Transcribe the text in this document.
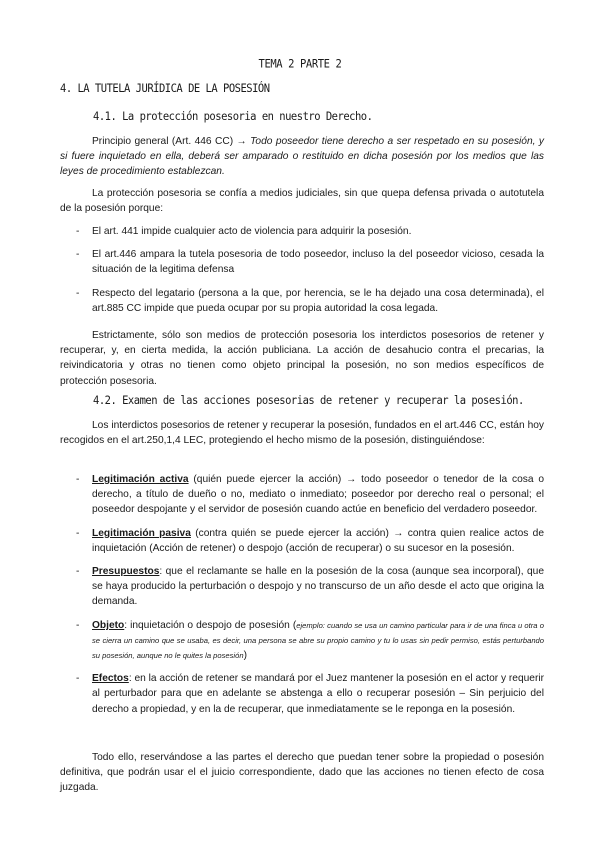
TEMA 2 PARTE 2
4. LA TUTELA JURÍDICA DE LA POSESIÓN
4.1. La protección posesoria en nuestro Derecho.

Principio general (Art. 446 CC) → Todo poseedor tiene derecho a ser respetado en su posesión, y si fuere inquietado en ella, deberá ser amparado o restituido en dicha posesión por los medios que las leyes de procedimiento establezcan.

La protección posesoria se confía a medios judiciales, sin que quepa defensa privada o autotutela de la posesión porque:

- El art. 441 impide cualquier acto de violencia para adquirir la posesión.
- El art.446 ampara la tutela posesoria de todo poseedor, incluso la del poseedor vicioso, cesada la situación de la legitima defensa
- Respecto del legatario (persona a la que, por herencia, se le ha dejado una cosa determinada), el art.885 CC impide que pueda ocupar por su propia autoridad la cosa legada.

Estrictamente, sólo son medios de protección posesoria los interdictos posesorios de retener y recuperar, y, en cierta medida, la acción publiciana. La acción de desahucio contra el precarias, la reivindicatoria y otras no tienen como objeto principal la posesión, no son medios específicos de protección posesoria.

4.2. Examen de las acciones posesorias de retener y recuperar la posesión.

Los interdictos posesorios de retener y recuperar la posesión, fundados en el art.446 CC, están hoy recogidos en el art.250,1,4 LEC, protegiendo el hecho mismo de la posesión, distinguiéndose:

- Legitimación activa (quién puede ejercer la acción) → todo poseedor o tenedor de la cosa o derecho, a título de dueño o no, mediato o inmediato; poseedor por derecho real o personal; el poseedor despojante y el servidor de posesión cuando actúe en beneficio del verdadero poseedor.
- Legitimación pasiva (contra quién se puede ejercer la acción) → contra quien realice actos de inquietación (Acción de retener) o despojo (acción de recuperar) o su sucesor en la posesión.
- Presupuestos: que el reclamante se halle en la posesión de la cosa (aunque sea incorporal), que se haya producido la perturbación o despojo y no transcurso de un año desde el acto que origina la demanda.
- Objeto: inquietación o despojo de posesión (ejemplo: cuando se usa un camino particular para ir de una finca u otra o se cierra un camino que se usaba, es decir, una persona se abre su propio camino y tu lo usas sin pedir permiso, estás perturbando su posesión, aunque no le quites la posesión)
- Efectos: en la acción de retener se mandará por el Juez mantener la posesión en el actor y requerir al perturbador para que en adelante se abstenga a ello o recuperar posesión – Sin perjuicio del derecho a propiedad, y en la de recuperar, que inmediatamente se le reponga en la posesión.

Todo ello, reservándose a las partes el derecho que puedan tener sobre la propiedad o posesión definitiva, que podrán usar el el juicio correspondiente, dado que las acciones no tienen efecto de cosa juzgada.
